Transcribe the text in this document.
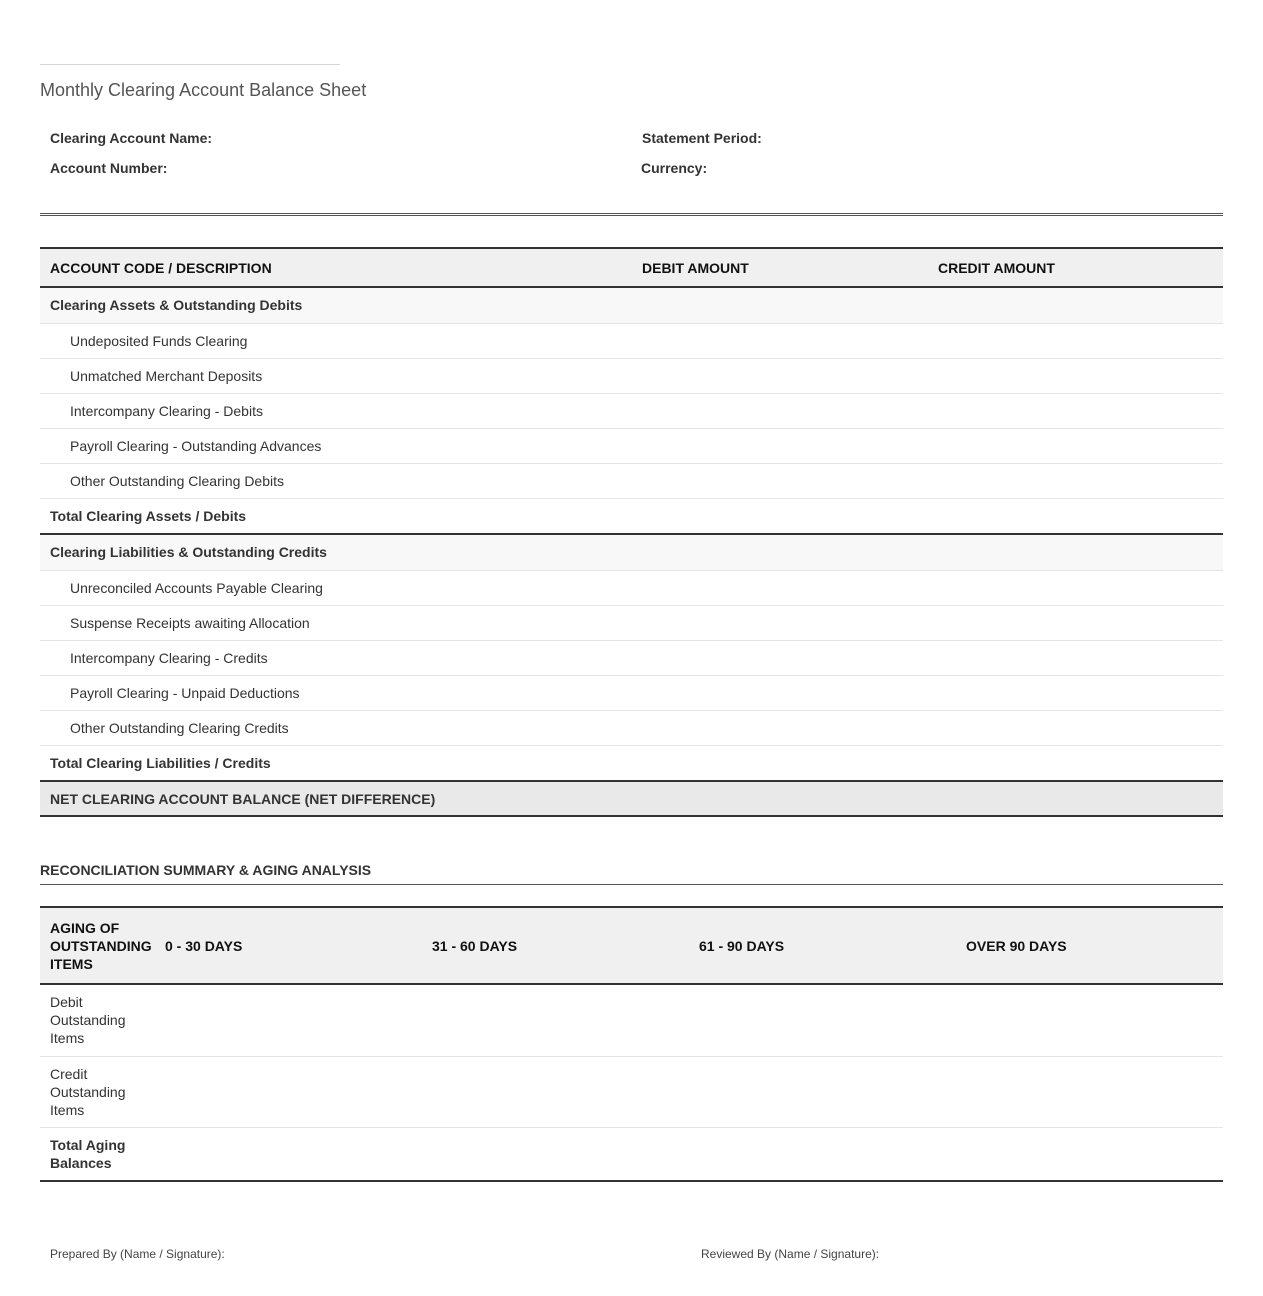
Monthly Clearing Account Balance Sheet
Clearing Account Name:
Account Number:
Statement Period:
Currency:
ACCOUNT CODE / DESCRIPTION	DEBIT AMOUNT	CREDIT AMOUNT
Clearing Assets & Outstanding Debits		
Undeposited Funds Clearing		
Unmatched Merchant Deposits		
Intercompany Clearing - Debits		
Payroll Clearing - Outstanding Advances		
Other Outstanding Clearing Debits		
Total Clearing Assets / Debits		
Clearing Liabilities & Outstanding Credits		
Unreconciled Accounts Payable Clearing		
Suspense Receipts awaiting Allocation		
Intercompany Clearing - Credits		
Payroll Clearing - Unpaid Deductions		
Other Outstanding Clearing Credits		
Total Clearing Liabilities / Credits		
NET CLEARING ACCOUNT BALANCE (NET DIFFERENCE)		
RECONCILIATION SUMMARY & AGING ANALYSIS
AGING OF OUTSTANDING ITEMS	0 - 30 DAYS	31 - 60 DAYS	61 - 90 DAYS	OVER 90 DAYS
Debit Outstanding Items				
Credit Outstanding Items				
Total Aging Balances				
Prepared By (Name / Signature):	Reviewed By (Name / Signature):
